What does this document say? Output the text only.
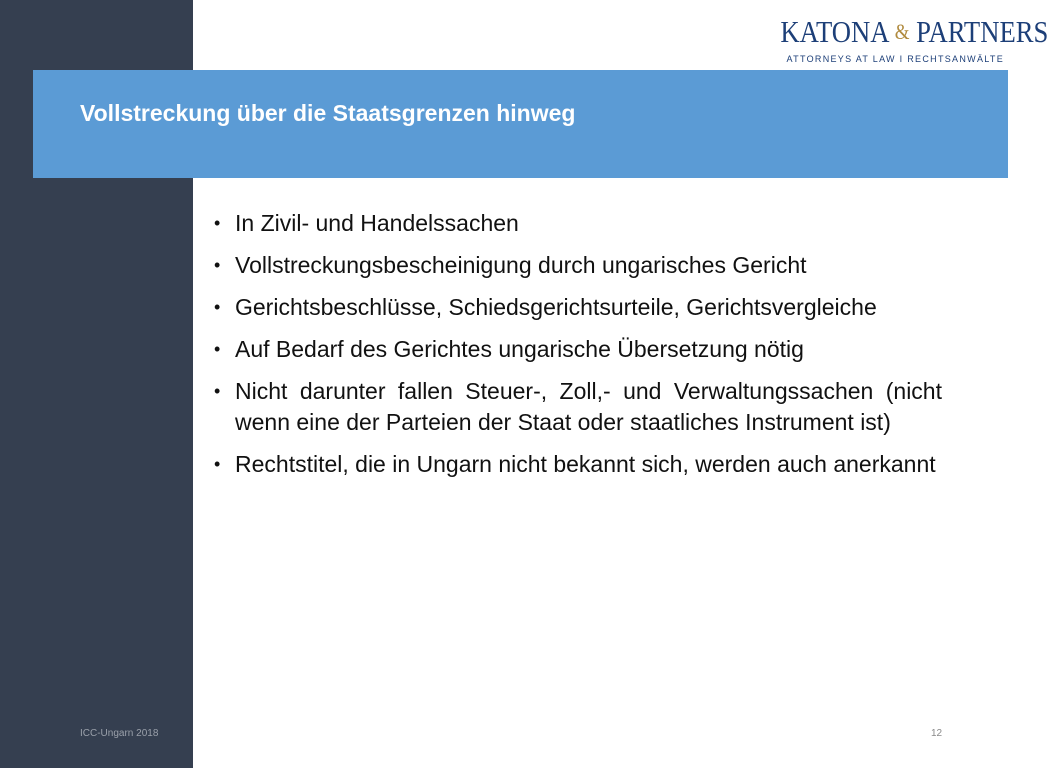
KATONA & PARTNERS
ATTORNEYS AT LAW I RECHTSANWÄLTE
Vollstreckung über die Staatsgrenzen hinweg
• In Zivil- und Handelssachen
• Vollstreckungsbescheinigung durch ungarisches Gericht
• Gerichtsbeschlüsse, Schiedsgerichtsurteile, Gerichtsvergleiche
• Auf Bedarf des Gerichtes ungarische Übersetzung nötig
• Nicht darunter fallen Steuer-, Zoll,- und Verwaltungssachen (nicht wenn eine der Parteien der Staat oder staatliches Instrument ist)
• Rechtstitel, die in Ungarn nicht bekannt sich, werden auch anerkannt
ICC-Ungarn 2018	12
